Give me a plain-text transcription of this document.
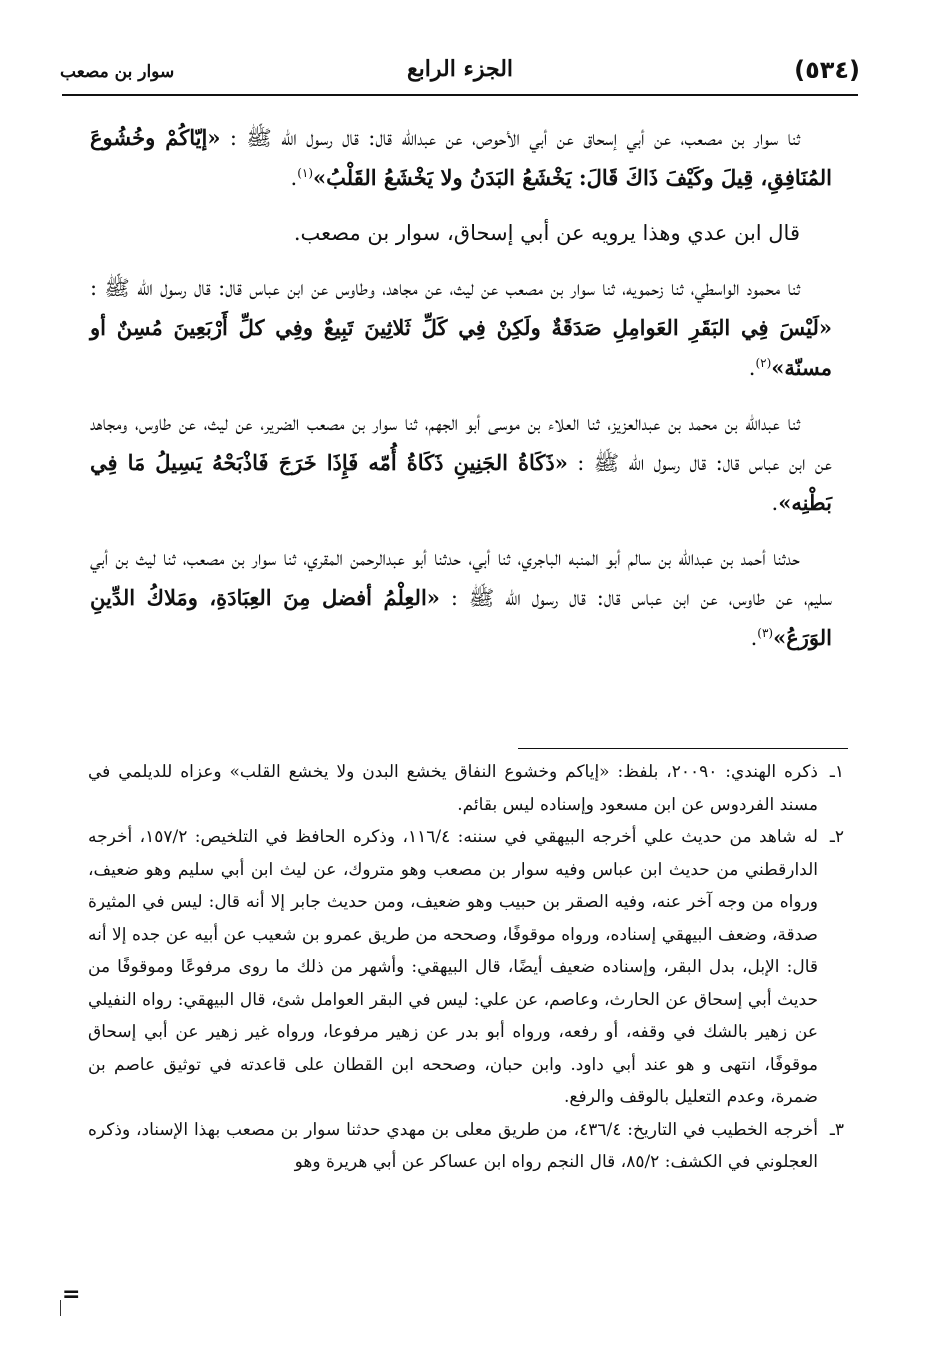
(٥٣٤)
الجزء الرابع
سوار بن مصعب

ثنا سوار بن مصعب، عن أبي إسحاق عن أبي الأحوص، عن عبدالله قال: قال رسول الله ﷺ : «إيّاكُمْ وخُشُوعَ المُنَافِقِ، قِيلَ وكَيْفَ ذَاكَ قَالَ: يَخْشَعُ البَدَنُ ولا يَخْشَعُ القَلْبُ»$^{(١)}$.

قال ابن عدي وهذا يرويه عن أبي إسحاق، سوار بن مصعب.

ثنا محمود الواسطي، ثنا زحمويه، ثنا سوار بن مصعب عن ليث، عن مجاهد، وطاوس عن ابن عباس قال: قال رسول الله ﷺ : «لَيْسَ فِي البَقَرِ العَوامِلِ صَدَقَةٌ ولَكِنْ فِي كَلِّ ثَلاثِينَ تَبِيعٌ وفِي كلِّ أَرْبَعِينَ مُسِنٌ أو مسنّة»$^{(٢)}$.

ثنا عبدالله بن محمد بن عبدالعزيز، ثنا العلاء بن موسى أبو الجهم، ثنا سوار بن مصعب الضرير، عن ليث، عن طاوس، ومجاهد عن ابن عباس قال: قال رسول الله ﷺ : «ذَكَاةُ الجَنِينِ ذَكَاةُ أُمّه فَإِذَا خَرَجَ فَاذْبَحْهُ يَسِيلُ مَا فِي بَطْنِه».

حدثنا أحمد بن عبدالله بن سالم أبو المنبه الباجري، ثنا أبي، حدثنا أبو عبدالرحمن المقري، ثنا سوار بن مصعب، ثنا ليث بن أبي سليم، عن طاوس، عن ابن عباس قال: قال رسول الله ﷺ : «العِلْمُ أفضل مِنَ العِبَادَةِ، ومَلاكُ الدِّينِ الوَرَعُ»$^{(٣)}$.

١ـ
ذكره الهندي: ٢٠٠٩٠، بلفظ: «إياكم وخشوع النفاق يخشع البدن ولا يخشع القلب» وعزاه للديلمي في مسند الفردوس عن ابن مسعود وإسناده ليس بقائم.

٢ـ
له شاهد من حديث علي أخرجه البيهقي في سننه: ١١٦/٤، وذكره الحافظ في التلخيص: ١٥٧/٢، أخرجه الدارقطني من حديث ابن عباس وفيه سوار بن مصعب وهو متروك، عن ليث ابن أبي سليم وهو ضعيف، ورواه من وجه آخر عنه، وفيه الصقر بن حبيب وهو ضعيف، ومن حديث جابر إلا أنه قال: ليس في المثيرة صدقة، وضعف البيهقي إسناده، ورواه موقوفًا، وصححه من طريق عمرو بن شعيب عن أبيه عن جده إلا أنه قال: الإبل، بدل البقر، وإسناده ضعيف أيضًا، قال البيهقي: وأشهر من ذلك ما روى مرفوعًا وموقوفًا من حديث أبي إسحاق عن الحارث، وعاصم، عن علي: ليس في البقر العوامل شئ، قال البيهقي: رواه النفيلي عن زهير بالشك في وقفه، أو رفعه، ورواه أبو بدر عن زهير مرفوعا، ورواه غير زهير عن أبي إسحاق موقوفًا، انتهى و هو عند أبي داود. وابن حبان، وصححه ابن القطان على قاعدته في توثيق عاصم بن ضمرة، وعدم التعليل بالوقف والرفع.

٣ـ
أخرجه الخطيب في التاريخ: ٤٣٦/٤، من طريق معلى بن مهدي حدثنا سوار بن مصعب بهذا الإسناد، وذكره العجلوني في الكشف: ٨٥/٢، قال النجم رواه ابن عساكر عن أبي هريرة وهو

=
